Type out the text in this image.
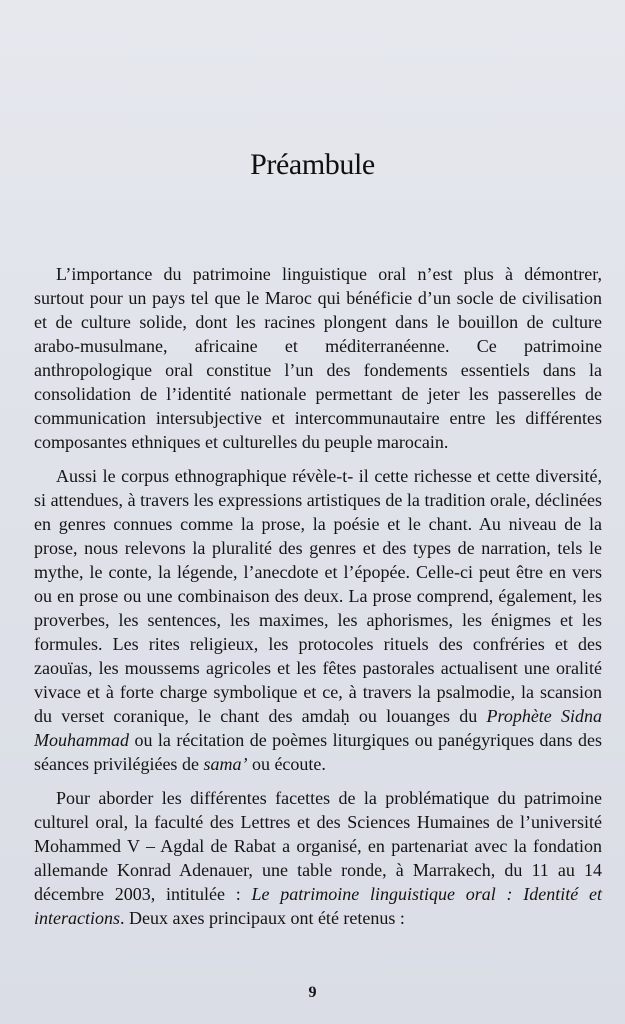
Préambule

L’importance du patrimoine linguistique oral n’est plus à démontrer, surtout pour un pays tel que le Maroc qui bénéficie d’un socle de civilisation et de culture solide, dont les racines plongent dans le bouillon de culture arabo-musulmane, africaine et méditerranéenne. Ce patrimoine anthropologique oral constitue l’un des fondements essentiels dans la consolidation de l’identité nationale permettant de jeter les passerelles de communication intersubjective et intercommunautaire entre les différentes composantes ethniques et culturelles du peuple marocain.

Aussi le corpus ethnographique révèle-t- il cette richesse et cette diversité, si attendues, à travers les expressions artistiques de la tradition orale, déclinées en genres connues comme la prose, la poésie et le chant. Au niveau de la prose, nous relevons la pluralité des genres et des types de narration, tels le mythe, le conte, la légende, l’anecdote et l’épopée. Celle-ci peut être en vers ou en prose ou une combinaison des deux. La prose comprend, également, les proverbes, les sentences, les maximes, les aphorismes, les énigmes et les formules. Les rites religieux, les protocoles rituels des confréries et des zaouïas, les moussems agricoles et les fêtes pastorales actualisent une oralité vivace et à forte charge symbolique et ce, à travers la psalmodie, la scansion du verset coranique, le chant des amdaḥ ou louanges du Prophète Sidna Mouhammad ou la récitation de poèmes liturgiques ou panégyriques dans des séances privilégiées de sama’ ou écoute.

Pour aborder les différentes facettes de la problématique du patrimoine culturel oral, la faculté des Lettres et des Sciences Humaines de l’université Mohammed V – Agdal de Rabat a organisé, en partenariat avec la fondation allemande Konrad Adenauer, une table ronde, à Marrakech, du 11 au 14 décembre 2003, intitulée : Le patrimoine linguistique oral : Identité et interactions. Deux axes principaux ont été retenus :

9
